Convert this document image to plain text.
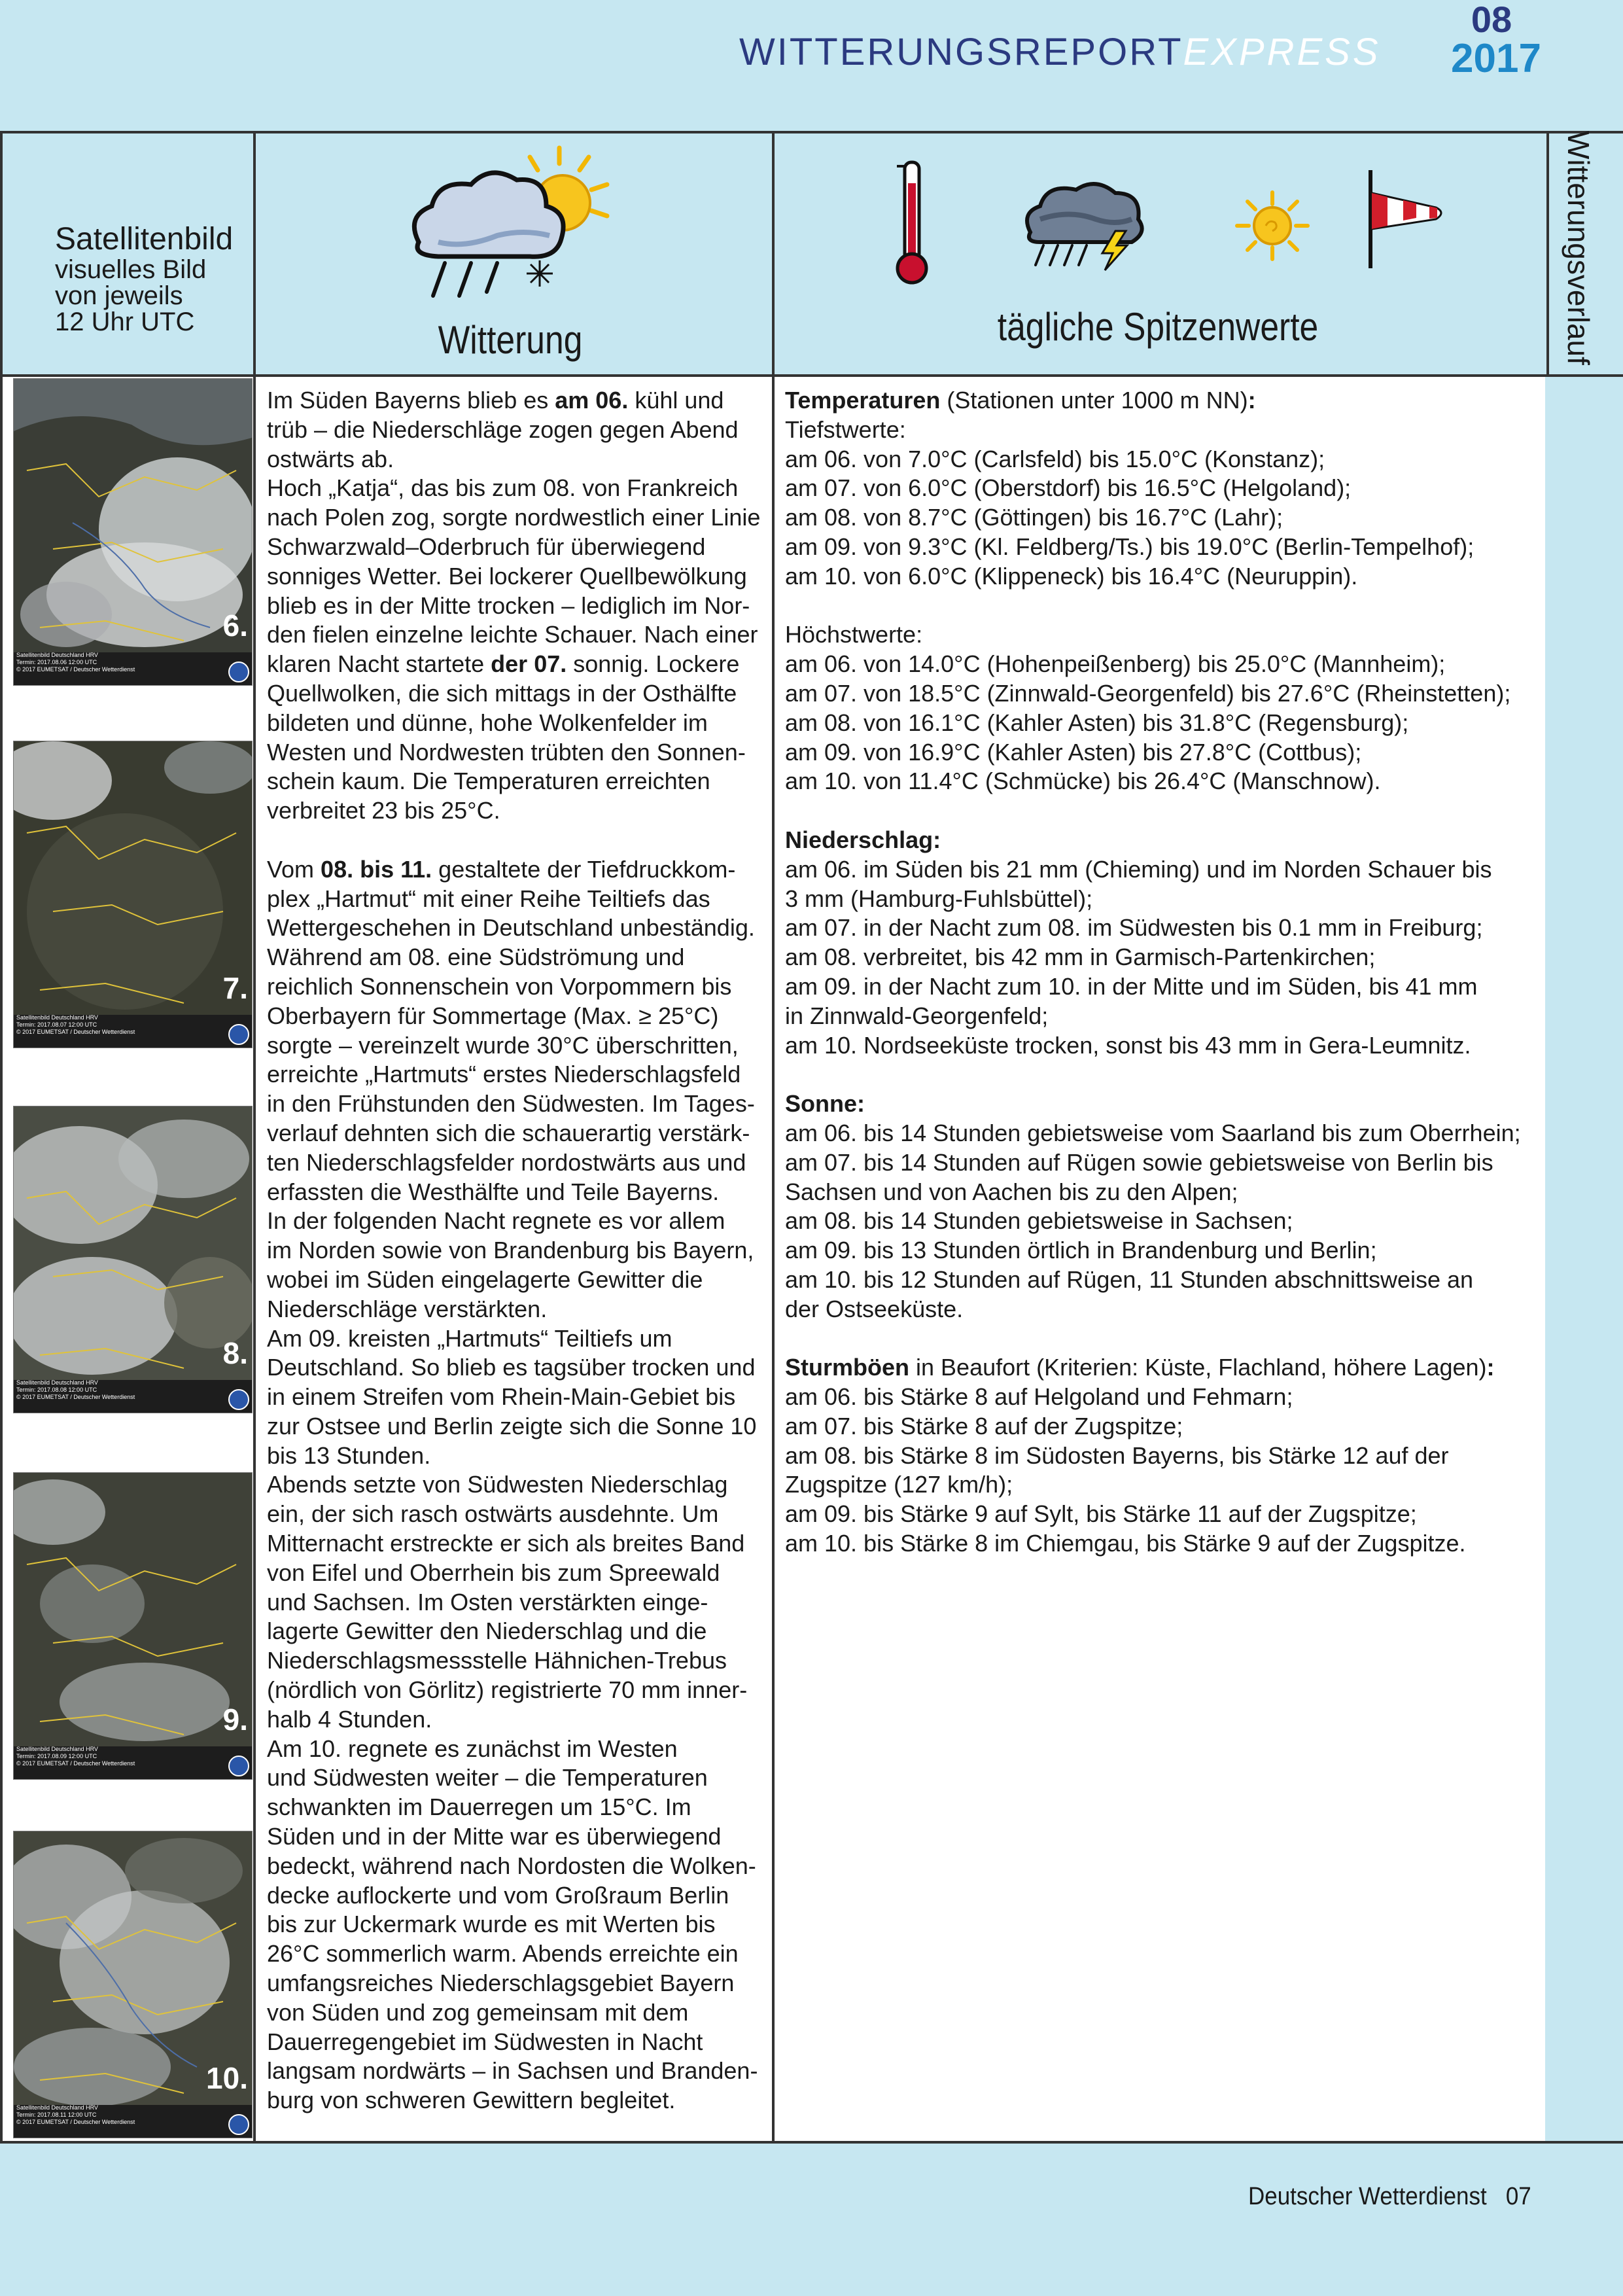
WITTERUNGSREPORTEXPRESS
08
2017
Satellitenbild
visuelles Bild
von jeweils
12 Uhr UTC	Witterung	tägliche Spitzenwerte	Witterungsverlauf
Satellitenbild Deutschland HRV
Termin: 2017.08.06 12:00 UTC
© 2017 EUMETSAT / Deutscher Wetterdienst
6.
Satellitenbild Deutschland HRV
Termin: 2017.08.07 12:00 UTC
© 2017 EUMETSAT / Deutscher Wetterdienst
7.
Satellitenbild Deutschland HRV
Termin: 2017.08.08 12:00 UTC
© 2017 EUMETSAT / Deutscher Wetterdienst
8.
Satellitenbild Deutschland HRV
Termin: 2017.08.09 12:00 UTC
© 2017 EUMETSAT / Deutscher Wetterdienst
9.
Satellitenbild Deutschland HRV
Termin: 2017.08.11 12:00 UTC
© 2017 EUMETSAT / Deutscher Wetterdienst
10.

Im Süden Bayerns blieb es am 06. kühl und

trüb – die Niederschläge zogen gegen Abend

ostwärts ab.

Hoch „Katja“, das bis zum 08. von Frankreich

nach Polen zog, sorgte nordwestlich einer Linie

Schwarzwald–Oderbruch für überwiegend

sonniges Wetter. Bei lockerer Quellbewölkung

blieb es in der Mitte trocken – lediglich im Nor-

den fielen einzelne leichte Schauer. Nach einer

klaren Nacht startete der 07. sonnig. Lockere

Quellwolken, die sich mittags in der Osthälfte

bildeten und dünne, hohe Wolkenfelder im

Westen und Nordwesten trübten den Sonnen-

schein kaum. Die Temperaturen erreichten

verbreitet 23 bis 25°C.

Vom 08. bis 11. gestaltete der Tiefdruckkom-

plex „Hartmut“ mit einer Reihe Teiltiefs das

Wettergeschehen in Deutschland unbeständig.

Während am 08. eine Südströmung und

reichlich Sonnenschein von Vorpommern bis

Oberbayern für Sommertage (Max. ≥ 25°C)

sorgte – vereinzelt wurde 30°C überschritten,

erreichte „Hartmuts“ erstes Niederschlagsfeld

in den Frühstunden den Südwesten. Im Tages-

verlauf dehnten sich die schauerartig verstärk-

ten Niederschlagsfelder nordostwärts aus und

erfassten die Westhälfte und Teile Bayerns.

In der folgenden Nacht regnete es vor allem

im Norden sowie von Brandenburg bis Bayern,

wobei im Süden eingelagerte Gewitter die

Niederschläge verstärkten.

Am 09. kreisten „Hartmuts“ Teiltiefs um

Deutschland. So blieb es tagsüber trocken und

in einem Streifen vom Rhein-Main-Gebiet bis

zur Ostsee und Berlin zeigte sich die Sonne 10

bis 13 Stunden.

Abends setzte von Südwesten Niederschlag

ein, der sich rasch ostwärts ausdehnte. Um

Mitternacht erstreckte er sich als breites Band

von Eifel und Oberrhein bis zum Spreewald

und Sachsen. Im Osten verstärkten einge-

lagerte Gewitter den Niederschlag und die

Niederschlagsmessstelle Hähnichen-Trebus

(nördlich von Görlitz) registrierte 70 mm inner-

halb 4 Stunden.

Am 10. regnete es zunächst im Westen

und Südwesten weiter – die Temperaturen

schwankten im Dauerregen um 15°C. Im

Süden und in der Mitte war es überwiegend

bedeckt, während nach Nordosten die Wolken-

decke auflockerte und vom Großraum Berlin

bis zur Uckermark wurde es mit Werten bis

26°C sommerlich warm. Abends erreichte ein

umfangsreiches Niederschlagsgebiet Bayern

von Süden und zog gemeinsam mit dem

Dauerregengebiet im Südwesten in Nacht

langsam nordwärts – in Sachsen und Branden-

burg von schweren Gewittern begleitet.

Temperaturen (Stationen unter 1000 m NN):

Tiefstwerte:

am 06. von 7.0°C (Carlsfeld) bis 15.0°C (Konstanz);

am 07. von 6.0°C (Oberstdorf) bis 16.5°C (Helgoland);

am 08. von 8.7°C (Göttingen) bis 16.7°C (Lahr);

am 09. von 9.3°C (Kl. Feldberg/Ts.) bis 19.0°C (Berlin-Tempelhof);

am 10. von 6.0°C (Klippeneck) bis 16.4°C (Neuruppin).

Höchstwerte:

am 06. von 14.0°C (Hohenpeißenberg) bis 25.0°C (Mannheim);

am 07. von 18.5°C (Zinnwald-Georgenfeld) bis 27.6°C (Rheinstetten);

am 08. von 16.1°C (Kahler Asten) bis 31.8°C (Regensburg);

am 09. von 16.9°C (Kahler Asten) bis 27.8°C (Cottbus);

am 10. von 11.4°C (Schmücke) bis 26.4°C (Manschnow).

Niederschlag:

am 06. im Süden bis 21 mm (Chieming) und im Norden Schauer bis

3 mm (Hamburg-Fuhlsbüttel);

am 07. in der Nacht zum 08. im Südwesten bis 0.1 mm in Freiburg;

am 08. verbreitet, bis 42 mm in Garmisch-Partenkirchen;

am 09. in der Nacht zum 10. in der Mitte und im Süden, bis 41 mm

in Zinnwald-Georgenfeld;

am 10. Nordseeküste trocken, sonst bis 43 mm in Gera-Leumnitz.

Sonne:

am 06. bis 14 Stunden gebietsweise vom Saarland bis zum Oberrhein;

am 07. bis 14 Stunden auf Rügen sowie gebietsweise von Berlin bis

Sachsen und von Aachen bis zu den Alpen;

am 08. bis 14 Stunden gebietsweise in Sachsen;

am 09. bis 13 Stunden örtlich in Brandenburg und Berlin;

am 10. bis 12 Stunden auf Rügen, 11 Stunden abschnittsweise an

der Ostseeküste.

Sturmböen in Beaufort (Kriterien: Küste, Flachland, höhere Lagen):

am 06. bis Stärke 8 auf Helgoland und Fehmarn;

am 07. bis Stärke 8 auf der Zugspitze;

am 08. bis Stärke 8 im Südosten Bayerns, bis Stärke 12 auf der

Zugspitze (127 km/h);

am 09. bis Stärke 9 auf Sylt, bis Stärke 11 auf der Zugspitze;

am 10. bis Stärke 8 im Chiemgau, bis Stärke 9 auf der Zugspitze.

Deutscher Wetterdienst 07
